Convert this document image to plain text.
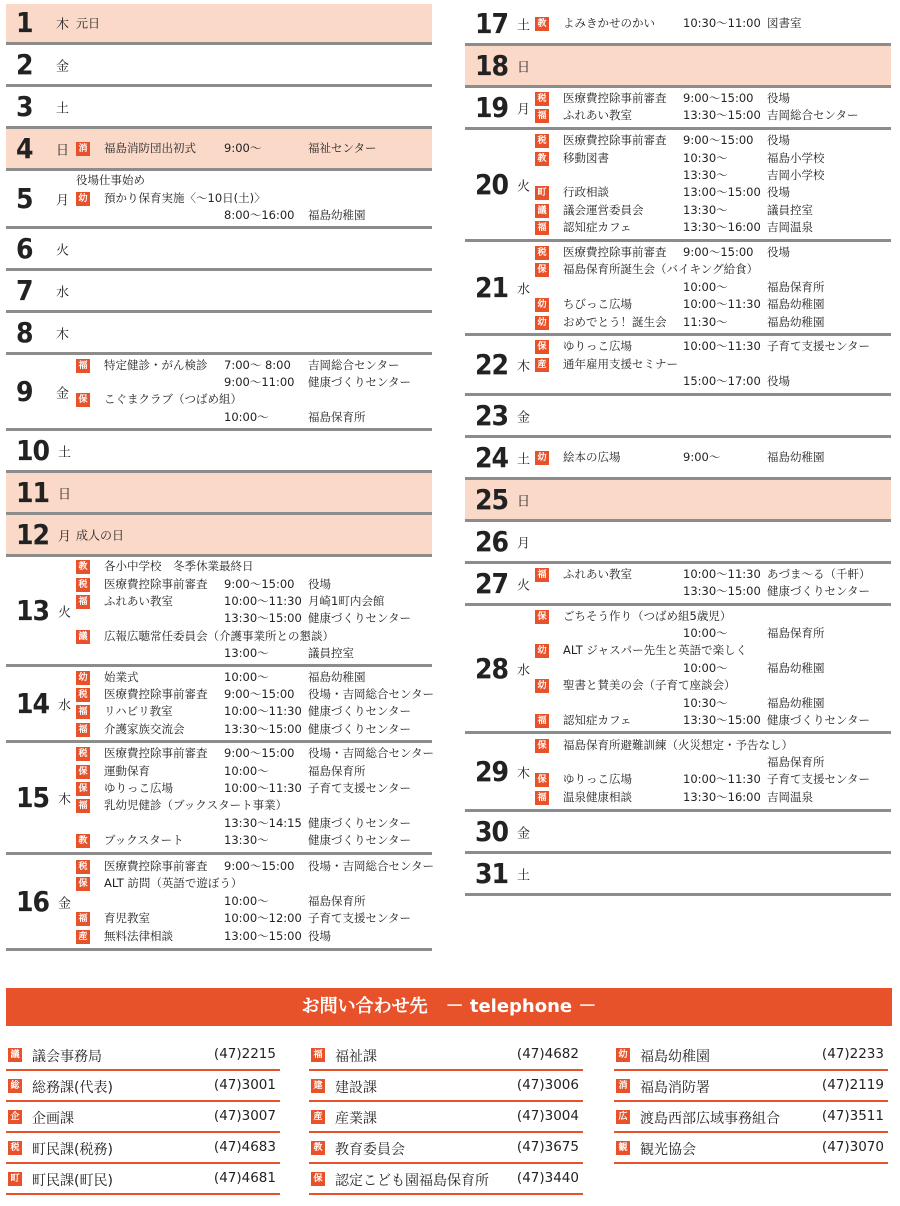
1 木 元日
2 金
3 土
4 日 消 福島消防団出初式 9:00〜	福祉センター
5 月
役場仕事始め
幼 預かり保育実施〈〜10日(土)〉
8:00〜16:00 福島幼稚園
6 火
7 水
8 木
9 金
福 特定健診・がん検診 7:00〜 8:00 吉岡総合センター
9:00〜11:00 健康づくりセンター
保 こぐまクラブ（つばめ組）
10:00〜	福島保育所
10 土
11 日
12 月 成人の日
13 火
教 各小中学校　冬季休業最終日
税 医療費控除事前審査 9:00〜15:00 役場
福 ふれあい教室	10:00〜11:30 月崎1町内会館
13:30〜15:00 健康づくりセンター
議 広報広聴常任委員会（介護事業所との懇談）
13:00〜	議員控室
14 水
幼 始業式	10:00〜	福島幼稚園
税 医療費控除事前審査 9:00〜15:00 役場・吉岡総合センター
福 リハビリ教室	10:00〜11:30 健康づくりセンター
福 介護家族交流会	13:30〜15:00 健康づくりセンター
15 木
税 医療費控除事前審査 9:00〜15:00 役場・吉岡総合センター
保 運動保育	10:00〜	福島保育所
保 ゆりっこ広場	10:00〜11:30 子育て支援センター
福 乳幼児健診（ブックスタート事業）
13:30〜14:15 健康づくりセンター
教 ブックスタート	13:30〜	健康づくりセンター
16 金
税 医療費控除事前審査 9:00〜15:00 役場・吉岡総合センター
保 ALT 訪問（英語で遊ぼう）
10:00〜	福島保育所
福 育児教室	10:00〜12:00 子育て支援センター
産 無料法律相談	13:00〜15:00 役場
17 土 教 よみきかせのかい 10:30〜11:00 図書室
18 日
19 月
税 医療費控除事前審査 9:00〜15:00 役場
福 ふれあい教室	13:30〜15:00 吉岡総合センター
20 火
税 医療費控除事前審査 9:00〜15:00 役場
教 移動図書	10:30〜	福島小学校
13:30〜	吉岡小学校
町 行政相談	13:00〜15:00 役場
議 議会運営委員会	13:30〜	議員控室
福 認知症カフェ	13:30〜16:00 吉岡温泉
21 水
税 医療費控除事前審査 9:00〜15:00 役場
保 福島保育所誕生会（バイキング給食）
10:00〜	福島保育所
幼 ちびっこ広場	10:00〜11:30 福島幼稚園
幼 おめでとう！誕生会 11:30〜	福島幼稚園
22 木
保 ゆりっこ広場	10:00〜11:30 子育て支援センター
産 通年雇用支援セミナー
15:00〜17:00 役場
23 金
24 土 幼 絵本の広場	9:00〜	福島幼稚園
25 日
26 月
27 火
福 ふれあい教室	10:00〜11:30 あづま〜る（千軒）
13:30〜15:00 健康づくりセンター
28 水
保 ごちそう作り（つばめ組5歳児）
10:00〜	福島保育所
幼 ALT ジャスパー先生と英語で楽しく
10:00〜	福島幼稚園
幼 聖書と賛美の会（子育て座談会）
10:30〜	福島幼稚園
福 認知症カフェ	13:30〜15:00 健康づくりセンター
29 木
保 福島保育所避難訓練（火災想定・予告なし）
福島保育所
保 ゆりっこ広場	10:00〜11:30 子育て支援センター
福 温泉健康相談	13:30〜16:00 吉岡温泉
30 金
31 土
お問い合わせ先　－ telephone －
議 議会事務局	(47)2215
総 総務課(代表)	(47)3001
企 企画課	(47)3007
税 町民課(税務)	(47)4683
町 町民課(町民)	(47)4681
福 福祉課	(47)4682
建 建設課	(47)3006
産 産業課	(47)3004
教 教育委員会	(47)3675
保 認定こども園福島保育所 (47)3440
幼 福島幼稚園	(47)2233
消 福島消防署	(47)2119
広 渡島西部広域事務組合	(47)3511
観 観光協会	(47)3070
